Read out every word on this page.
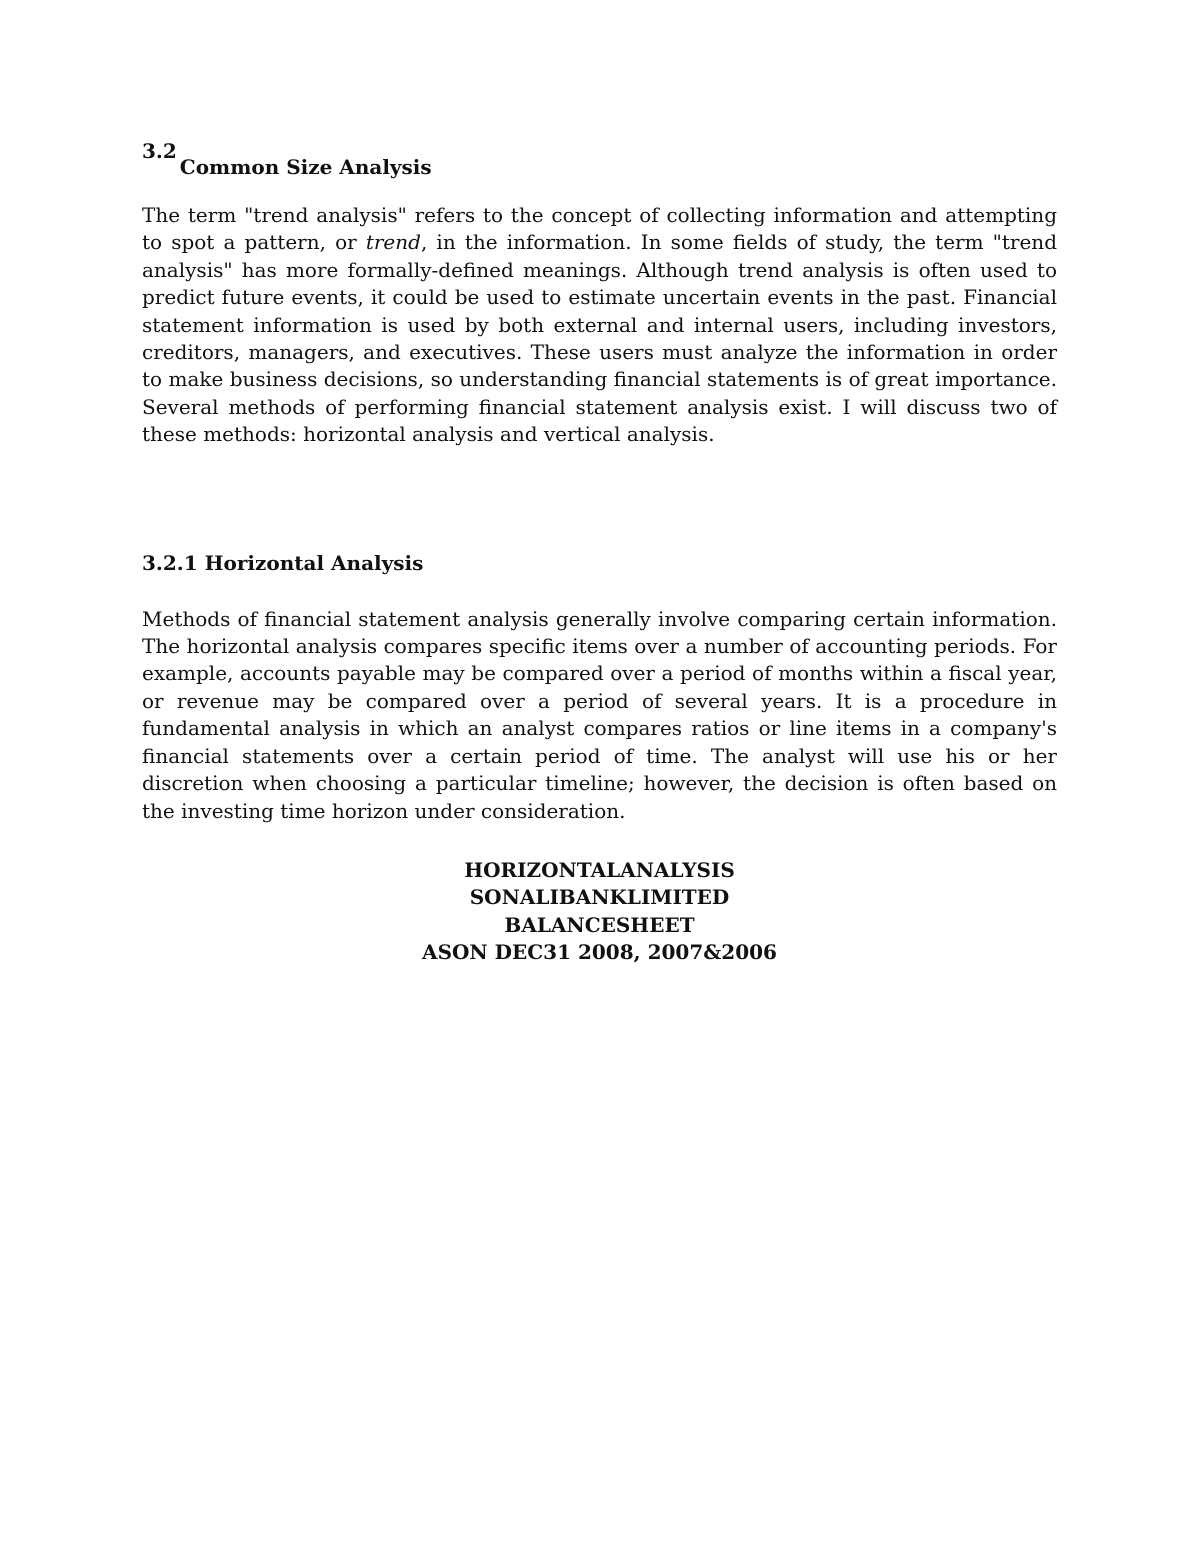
3.2Common Size Analysis

The term "trend analysis" refers to the concept of collecting information and attempting to spot a pattern, or trend, in the information. In some fields of study, the term "trend analysis" has more formally-defined meanings. Although trend analysis is often used to predict future events, it could be used to estimate uncertain events in the past. Financial statement information is used by both external and internal users, including investors, creditors, managers, and executives. These users must analyze the information in order to make business decisions, so understanding financial statements is of great importance. Several methods of performing financial statement analysis exist. I will discuss two of these methods: horizontal analysis and vertical analysis.

3.2.1 Horizontal Analysis

Methods of financial statement analysis generally involve comparing certain information. The horizontal analysis compares specific items over a number of accounting periods. For example, accounts payable may be compared over a period of months within a fiscal year, or revenue may be compared over a period of several years. It is a procedure in fundamental analysis in which an analyst compares ratios or line items in a company's financial statements over a certain period of time. The analyst will use his or her discretion when choosing a particular timeline; however, the decision is often based on the investing time horizon under consideration.

HORIZONTALANALYSIS
SONALIBANKLIMITED
BALANCESHEET
ASON DEC31 2008, 2007&2006
